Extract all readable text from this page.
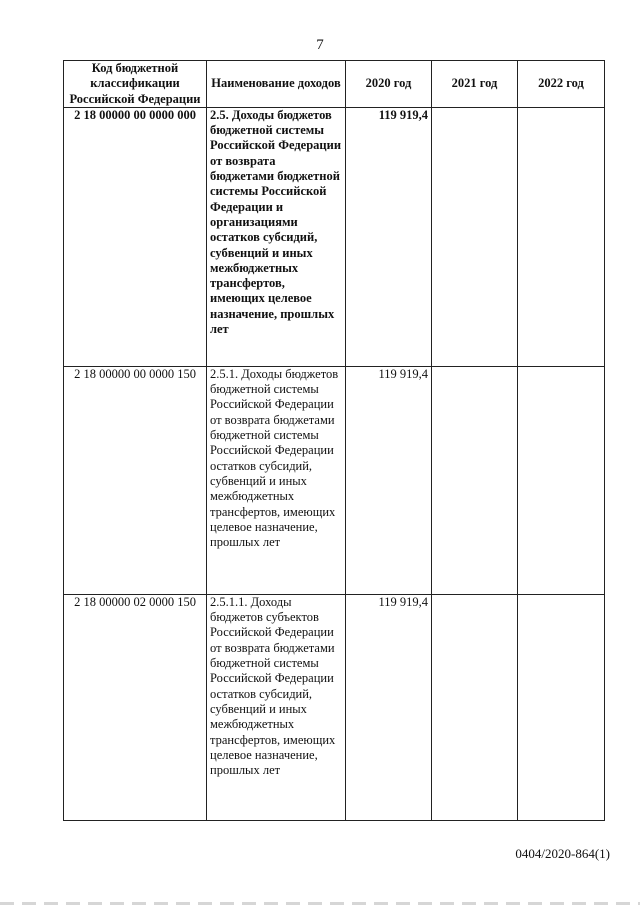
7
Код бюджетной классификации Российской Федерации	Наименование доходов	2020 год	2021 год	2022 год
2 18 00000 00 0000 000	2.5. Доходы бюджетов бюджетной системы Российской Федерации от возврата бюджетами бюджетной системы Российской Федерации и организациями остатков субсидий, субвенций и иных межбюджетных трансфертов, имеющих целевое назначение, прошлых лет	119 919,4		
2 18 00000 00 0000 150	2.5.1. Доходы бюджетов бюджетной системы Российской Федерации от возврата бюджетами бюджетной системы Российской Федерации остатков субсидий, субвенций и иных межбюджетных трансфертов, имеющих целевое назначение, прошлых лет	119 919,4		
2 18 00000 02 0000 150	2.5.1.1. Доходы бюджетов субъектов Российской Федерации от возврата бюджетами бюджетной системы Российской Федерации остатков субсидий, субвенций и иных межбюджетных трансфертов, имеющих целевое назначение, прошлых лет	119 919,4		
0404/2020-864(1)
